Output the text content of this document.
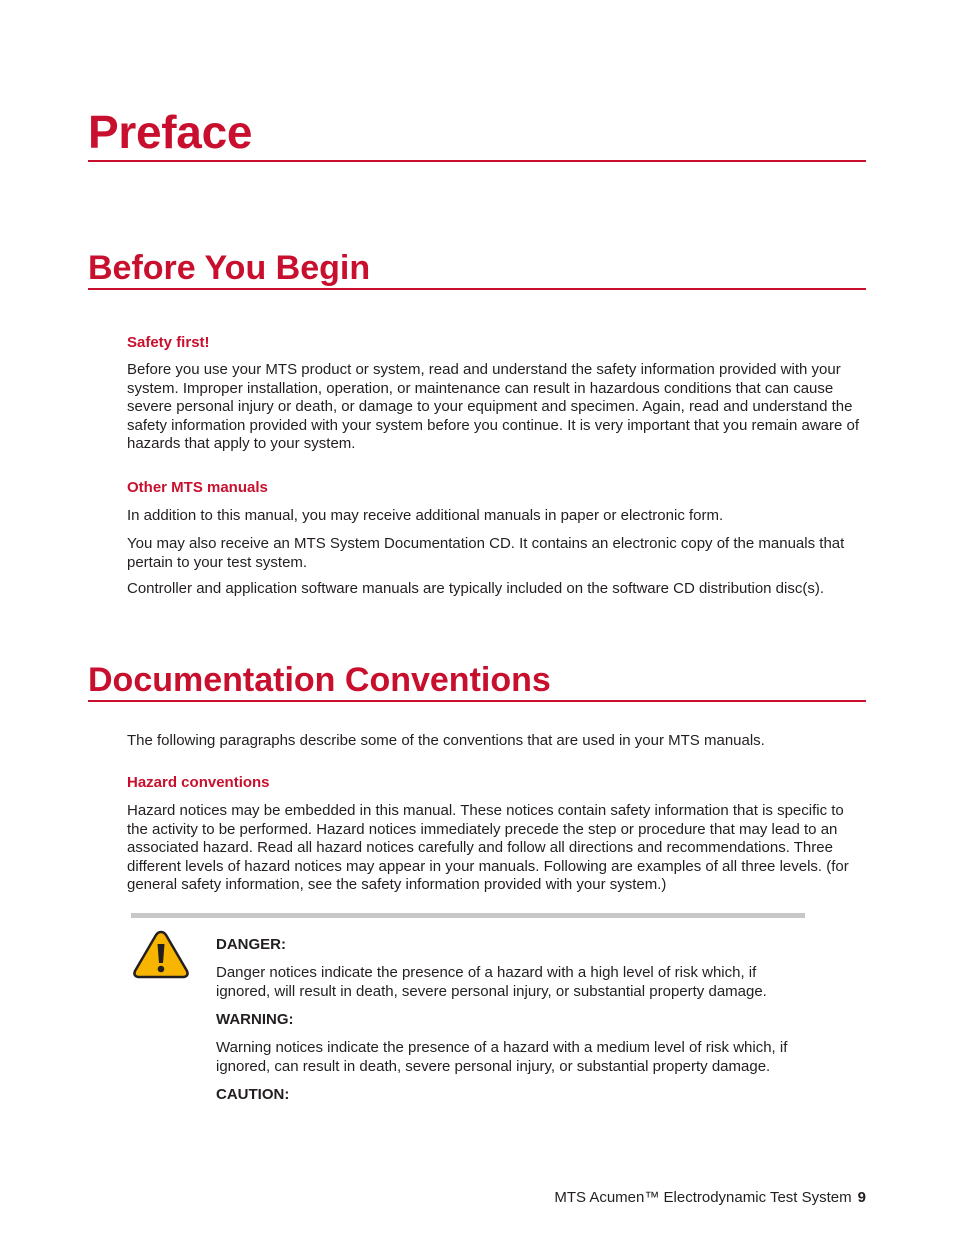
Preface
Before You Begin
Safety first!
Before you use your MTS product or system, read and understand the safety information provided with your system. Improper installation, operation, or maintenance can result in hazardous conditions that can cause severe personal injury or death, or damage to your equipment and specimen. Again, read and understand the safety information provided with your system before you continue. It is very important that you remain aware of hazards that apply to your system.
Other MTS manuals
In addition to this manual, you may receive additional manuals in paper or electronic form.
You may also receive an MTS System Documentation CD. It contains an electronic copy of the manuals that pertain to your test system.
Controller and application software manuals are typically included on the software CD distribution disc(s).
Documentation Conventions
The following paragraphs describe some of the conventions that are used in your MTS manuals.
Hazard conventions
Hazard notices may be embedded in this manual. These notices contain safety information that is specific to the activity to be performed. Hazard notices immediately precede the step or procedure that may lead to an associated hazard. Read all hazard notices carefully and follow all directions and recommendations. Three different levels of hazard notices may appear in your manuals. Following are examples of all three levels. (for general safety information, see the safety information provided with your system.)
DANGER:
Danger notices indicate the presence of a hazard with a high level of risk which, if ignored, will result in death, severe personal injury, or substantial property damage.
WARNING:
Warning notices indicate the presence of a hazard with a medium level of risk which, if ignored, can result in death, severe personal injury, or substantial property damage.
CAUTION:
MTS Acumen™ Electrodynamic Test System 9
